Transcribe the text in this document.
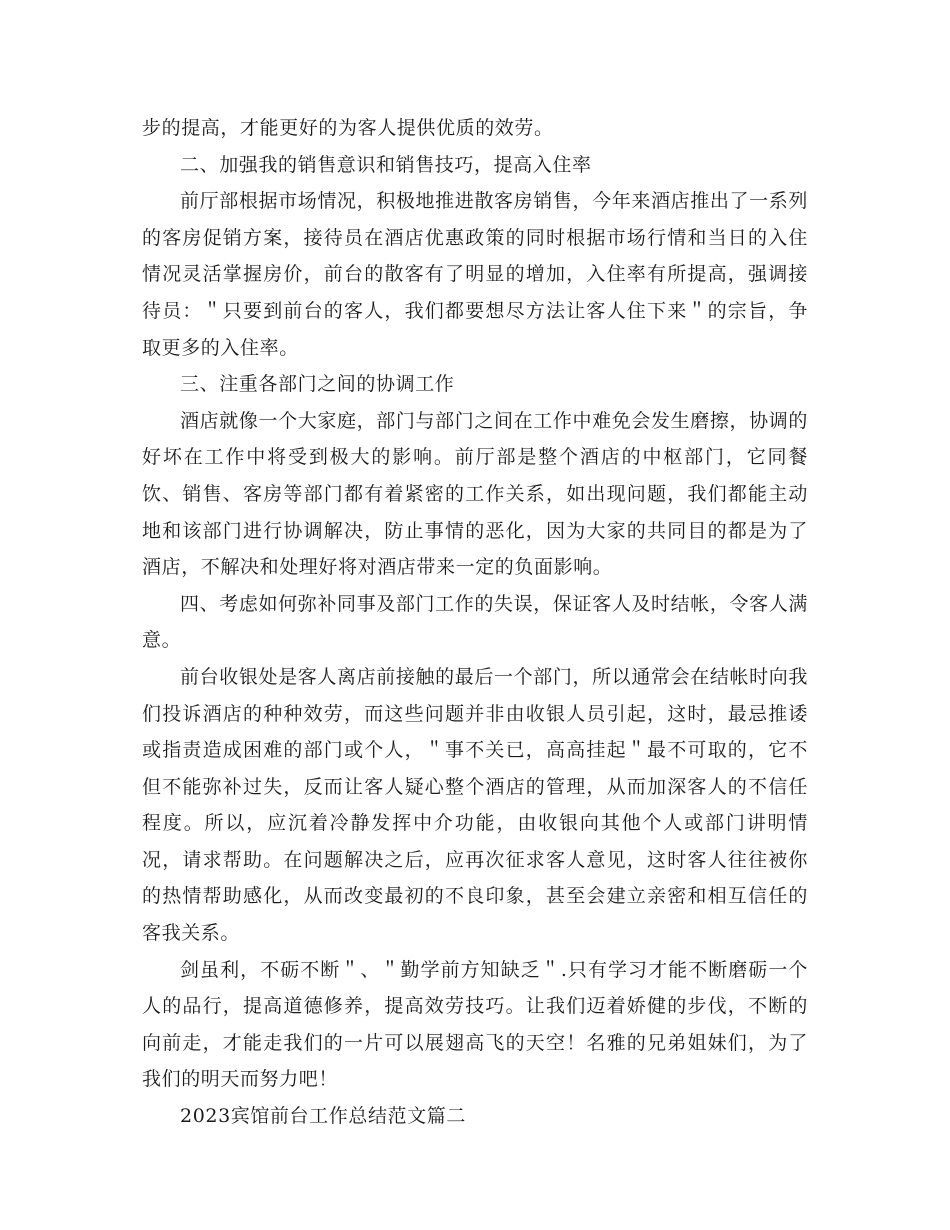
步的提高，才能更好的为客人提供优质的效劳。

二、加强我的销售意识和销售技巧，提高入住率

前厅部根据市场情况，积极地推进散客房销售，今年来酒店推出了一系列的客房促销方案，接待员在酒店优惠政策的同时根据市场行情和当日的入住情况灵活掌握房价，前台的散客有了明显的增加，入住率有所提高，强调接待员：＂只要到前台的客人，我们都要想尽方法让客人住下来＂的宗旨，争取更多的入住率。

三、注重各部门之间的协调工作

酒店就像一个大家庭，部门与部门之间在工作中难免会发生磨擦，协调的好坏在工作中将受到极大的影响。前厅部是整个酒店的中枢部门，它同餐饮、销售、客房等部门都有着紧密的工作关系，如出现问题，我们都能主动地和该部门进行协调解决，防止事情的恶化，因为大家的共同目的都是为了酒店，不解决和处理好将对酒店带来一定的负面影响。

四、考虑如何弥补同事及部门工作的失误，保证客人及时结帐，令客人满意。

前台收银处是客人离店前接触的最后一个部门，所以通常会在结帐时向我们投诉酒店的种种效劳，而这些问题并非由收银人员引起，这时，最忌推诿或指责造成困难的部门或个人，＂事不关已，高高挂起＂最不可取的，它不但不能弥补过失，反而让客人疑心整个酒店的管理，从而加深客人的不信任程度。所以，应沉着冷静发挥中介功能，由收银向其他个人或部门讲明情况，请求帮助。在问题解决之后，应再次征求客人意见，这时客人往往被你的热情帮助感化，从而改变最初的不良印象，甚至会建立亲密和相互信任的客我关系。

剑虽利，不砺不断＂、＂勤学前方知缺乏＂.只有学习才能不断磨砺一个人的品行，提高道德修养，提高效劳技巧。让我们迈着娇健的步伐，不断的向前走，才能走我们的一片可以展翅高飞的天空！名雅的兄弟姐妹们，为了我们的明天而努力吧！

2023宾馆前台工作总结范文篇二
